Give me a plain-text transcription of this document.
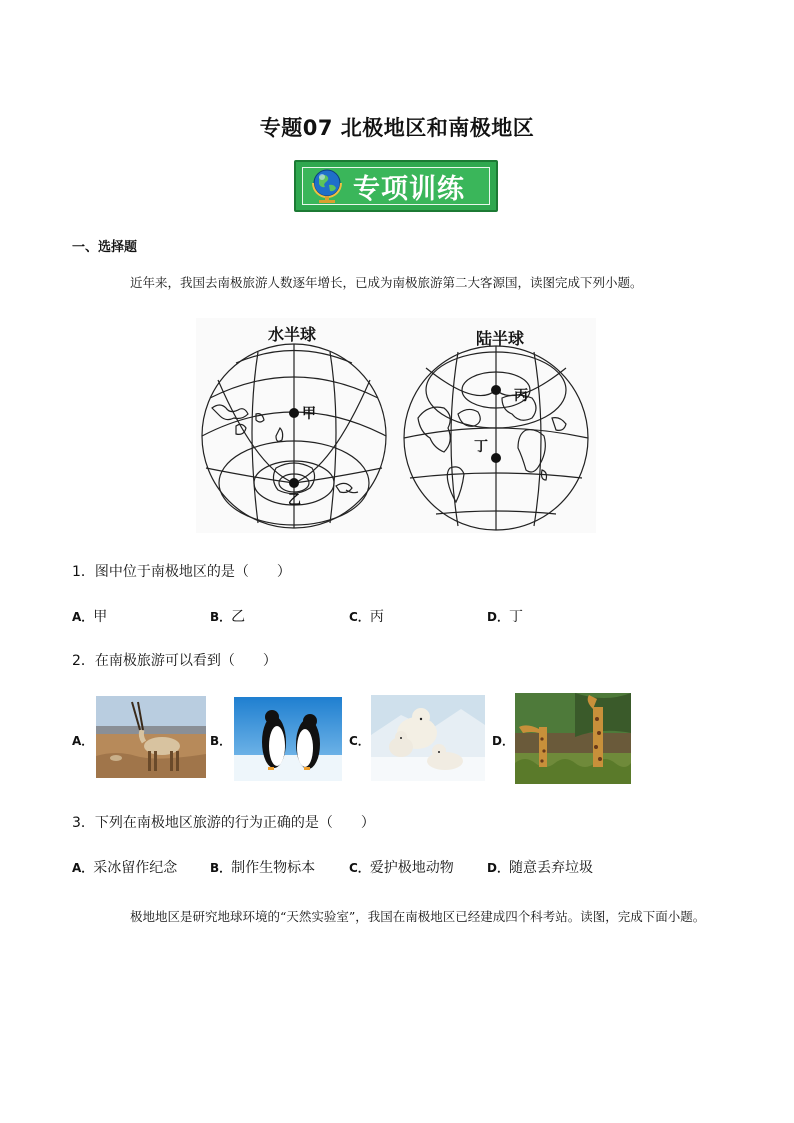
专题07 北极地区和南极地区
专项训练
一、选择题
近年来，我国去南极旅游人数逐年增长，已成为南极旅游第二大客源国，读图完成下列小题。
水半球	陆半球
甲
乙
丙
丁
1．图中位于南极地区的是（　　）
A．甲	B．乙	C．丙	D．丁
2．在南极旅游可以看到（　　）
A．	B．	C．	D．
3．下列在南极地区旅游的行为正确的是（　　）
A．采冰留作纪念	B．制作生物标本	C．爱护极地动物	D．随意丢弃垃圾
极地地区是研究地球环境的“天然实验室”，我国在南极地区已经建成四个科考站。读图，完成下面小题。
